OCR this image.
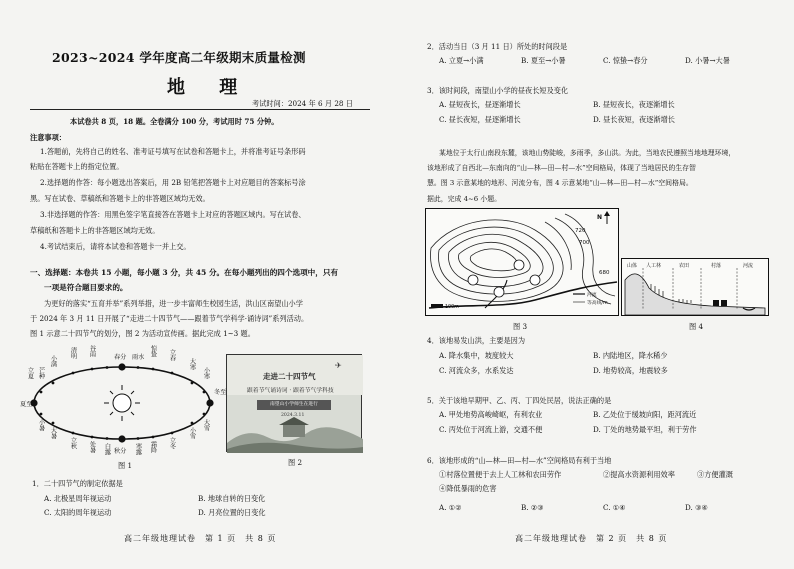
2023~2024 学年度高二年级期末质量检测
地 理
考试时间：2024 年 6 月 28 日
本试卷共 8 页，18 题。全卷满分 100 分，考试用时 75 分钟。
注意事项：
1.答题前，先将自己的姓名、准考证号填写在试卷和答题卡上，并将准考证号条形码
粘贴在答题卡上的指定位置。
2.选择题的作答：每小题选出答案后，用 2B 铅笔把答题卡上对应题目的答案标号涂
黑。写在试卷、草稿纸和答题卡上的非答题区域均无效。
3.非选择题的作答：用黑色签字笔直接答在答题卡上对应的答题区域内。写在试卷、
草稿纸和答题卡上的非答题区域均无效。
4.考试结束后，请将本试卷和答题卡一并上交。
一、选择题：本卷共 15 小题，每小题 3 分，共 45 分。在每小题列出的四个选项中，只有
一项是符合题目要求的。
为更好的落实“五育并举”系列举措，进一步丰富师生校园生活，洪山区南望山小学
于 2024 年 3 月 11 日开展了“走进二十四节气——跟着节气学科学·诵诗词”系列活动。
图 1 示意二十四节气的划分，图 2 为活动宣传画。据此完成 1~3 题。
清明 谷雨
小满
芒种
惊蛰 立春
大寒
小寒
大雪
小雪
立冬
霜降
寒露
白露
处暑
立秋
大暑
小暑
立夏
春分 雨水
秋分
夏至
冬至
图 1
走进二十四节气
跟着节气诵诗词 · 跟着节气学科技
南望山小学师生在进行
2024.3.11
✈
图 2
1．二十四节气的制定依据是
A. 北极星周年视运动	B. 地球自转的日变化
C. 太阳的周年视运动	D. 月亮位置的日变化
高二年级地理试卷　第 1 页　共 8 页
2．活动当日（3 月 11 日）所处的时间段是
A. 立夏→小满	B. 夏至→小暑	C. 惊蛰→春分	D. 小暑→大暑
3．该时间段，南望山小学的昼夜长短及变化
A. 昼短夜长，昼逐渐增长	B. 昼短夜长，夜逐渐增长
C. 昼长夜短，昼逐渐增长	D. 昼长夜短，夜逐渐增长
某地位于太行山南段东麓，该地山势陡峻，多雨季，多山洪。为此，当地农民遵照当地地理环境，
该地形成了自西北—东南向的“山—林—田—村—水”空间格局，体现了当地居民的生存智
慧。图 3 示意某地的地形、河流分布，图 4 示意某地“山—林—田—村—水”空间格局。
据此，完成 4~6 小题。
720
700
680
N
河流
等高线/m
100m
图 3
山体 人工林	农田	村落	河流
图 4
4．该地易发山洪，主要是因为
A. 降水集中，坡度较大	B. 内陆地区，降水稀少
C. 河流众多，水系发达	D. 地势较高，地震较多
5．关于该地早期甲、乙、丙、丁四处民居，说法正确的是
A. 甲处地势高峻崎岖，有利农业	B. 乙处位于缓坡向阳，距河流近
C. 丙处位于河流上游，交通不便	D. 丁处的地势最平坦，利于劳作
6．该地形成的“山—林—田—村—水”空间格局有利于当地
①村落位置便于去上人工林和农田劳作	②提高水资源利用效率	③方便灌溉
④降低暴雨的危害
A. ①②	B. ②③	C. ①④	D. ③④
高二年级地理试卷　第 2 页　共 8 页
